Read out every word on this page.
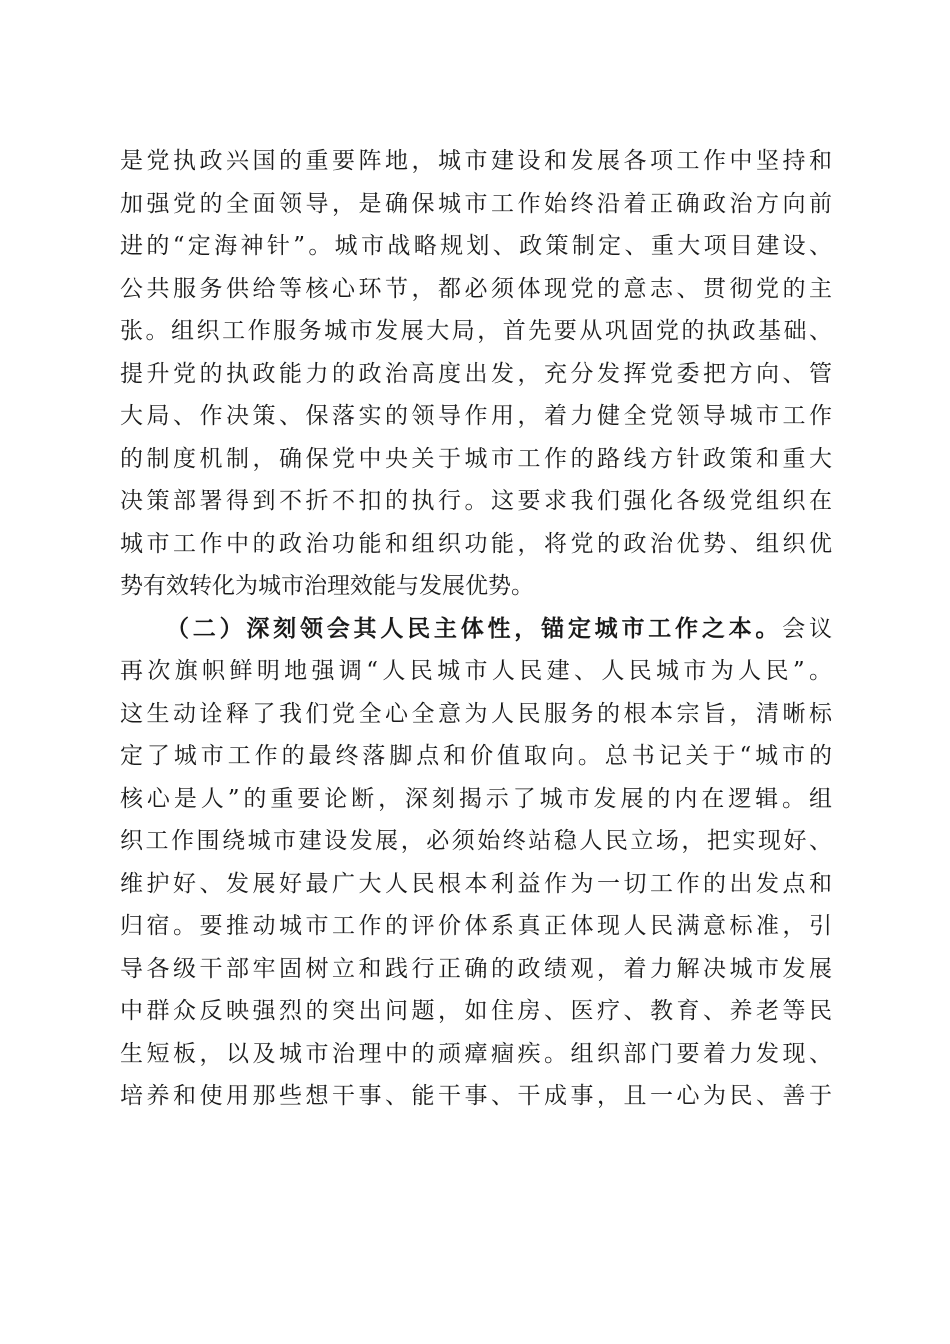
是党执政兴国的重要阵地，城市建设和发展各项工作中坚持和
加强党的全面领导，是确保城市工作始终沿着正确政治方向前
进的“定海神针”。城市战略规划、政策制定、重大项目建设、
公共服务供给等核心环节，都必须体现党的意志、贯彻党的主
张。组织工作服务城市发展大局，首先要从巩固党的执政基础、
提升党的执政能力的政治高度出发，充分发挥党委把方向、管
大局、作决策、保落实的领导作用，着力健全党领导城市工作
的制度机制，确保党中央关于城市工作的路线方针政策和重大
决策部署得到不折不扣的执行。这要求我们强化各级党组织在
城市工作中的政治功能和组织功能，将党的政治优势、组织优
势有效转化为城市治理效能与发展优势。
（二）深刻领会其人民主体性，锚定城市工作之本。会议
再次旗帜鲜明地强调“人民城市人民建、人民城市为人民”。
这生动诠释了我们党全心全意为人民服务的根本宗旨，清晰标
定了城市工作的最终落脚点和价值取向。总书记关于“城市的
核心是人”的重要论断，深刻揭示了城市发展的内在逻辑。组
织工作围绕城市建设发展，必须始终站稳人民立场，把实现好、
维护好、发展好最广大人民根本利益作为一切工作的出发点和
归宿。要推动城市工作的评价体系真正体现人民满意标准，引
导各级干部牢固树立和践行正确的政绩观，着力解决城市发展
中群众反映强烈的突出问题，如住房、医疗、教育、养老等民
生短板，以及城市治理中的顽瘴痼疾。组织部门要着力发现、
培养和使用那些想干事、能干事、干成事，且一心为民、善于
